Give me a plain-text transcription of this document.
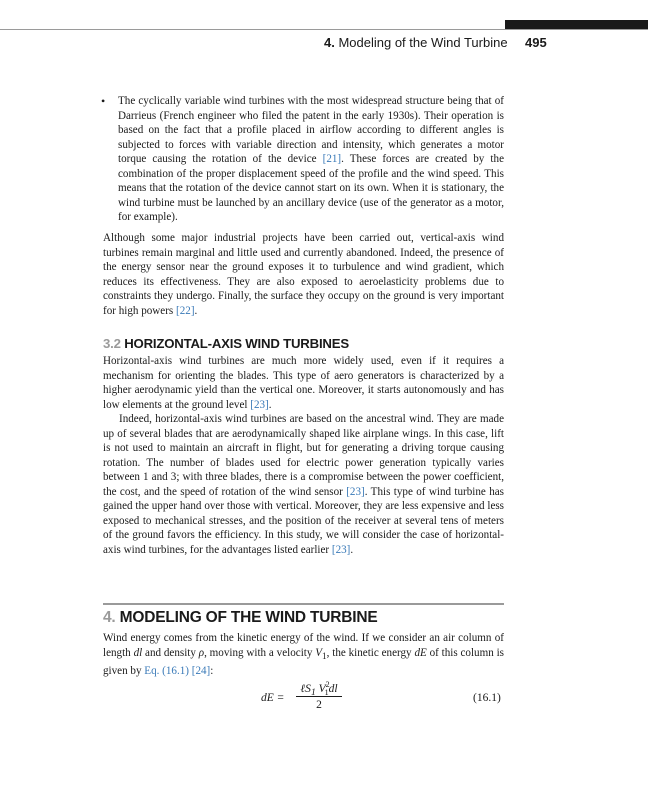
4. Modeling of the Wind Turbine 495
• The cyclically variable wind turbines with the most widespread structure being that of Darrieus (French engineer who filed the patent in the early 1930s). Their operation is based on the fact that a profile placed in airflow according to different angles is subjected to forces with variable direction and intensity, which generates a motor torque causing the rotation of the device [21]. These forces are created by the combination of the proper displacement speed of the profile and the wind speed. This means that the rotation of the device cannot start on its own. When it is stationary, the wind turbine must be launched by an ancillary device (use of the generator as a motor, for example).

Although some major industrial projects have been carried out, vertical-axis wind turbines remain marginal and little used and currently abandoned. Indeed, the presence of the energy sensor near the ground exposes it to turbulence and wind gradient, which reduces its effectiveness. They are also exposed to aeroelasticity problems due to constraints they undergo. Finally, the surface they occupy on the ground is very important for high powers [22].

3.2 HORIZONTAL-AXIS WIND TURBINES

Horizontal-axis wind turbines are much more widely used, even if it requires a mechanism for orienting the blades. This type of aero generators is characterized by a higher aerodynamic yield than the vertical one. Moreover, it starts autonomously and has low elements at the ground level [23].

Indeed, horizontal-axis wind turbines are based on the ancestral wind. They are made up of several blades that are aerodynamically shaped like airplane wings. In this case, lift is not used to maintain an aircraft in flight, but for generating a driving torque causing rotation. The number of blades used for electric power generation typically varies between 1 and 3; with three blades, there is a compromise between the power coefficient, the cost, and the speed of rotation of the wind sensor [23]. This type of wind turbine has gained the upper hand over those with vertical. Moreover, they are less expensive and less exposed to mechanical stresses, and the position of the receiver at several tens of meters of the ground favors the efficiency. In this study, we will consider the case of horizontal-axis wind turbines, for the advantages listed earlier [23].

4. MODELING OF THE WIND TURBINE

Wind energy comes from the kinetic energy of the wind. If we consider an air column of length dl and density ρ, moving with a velocity $V_1$, the kinetic energy dE of this column is given by Eq. (16.1) [24]:

dE =
ℓS$_1$ $V^2_1dl$
2
(16.1)
